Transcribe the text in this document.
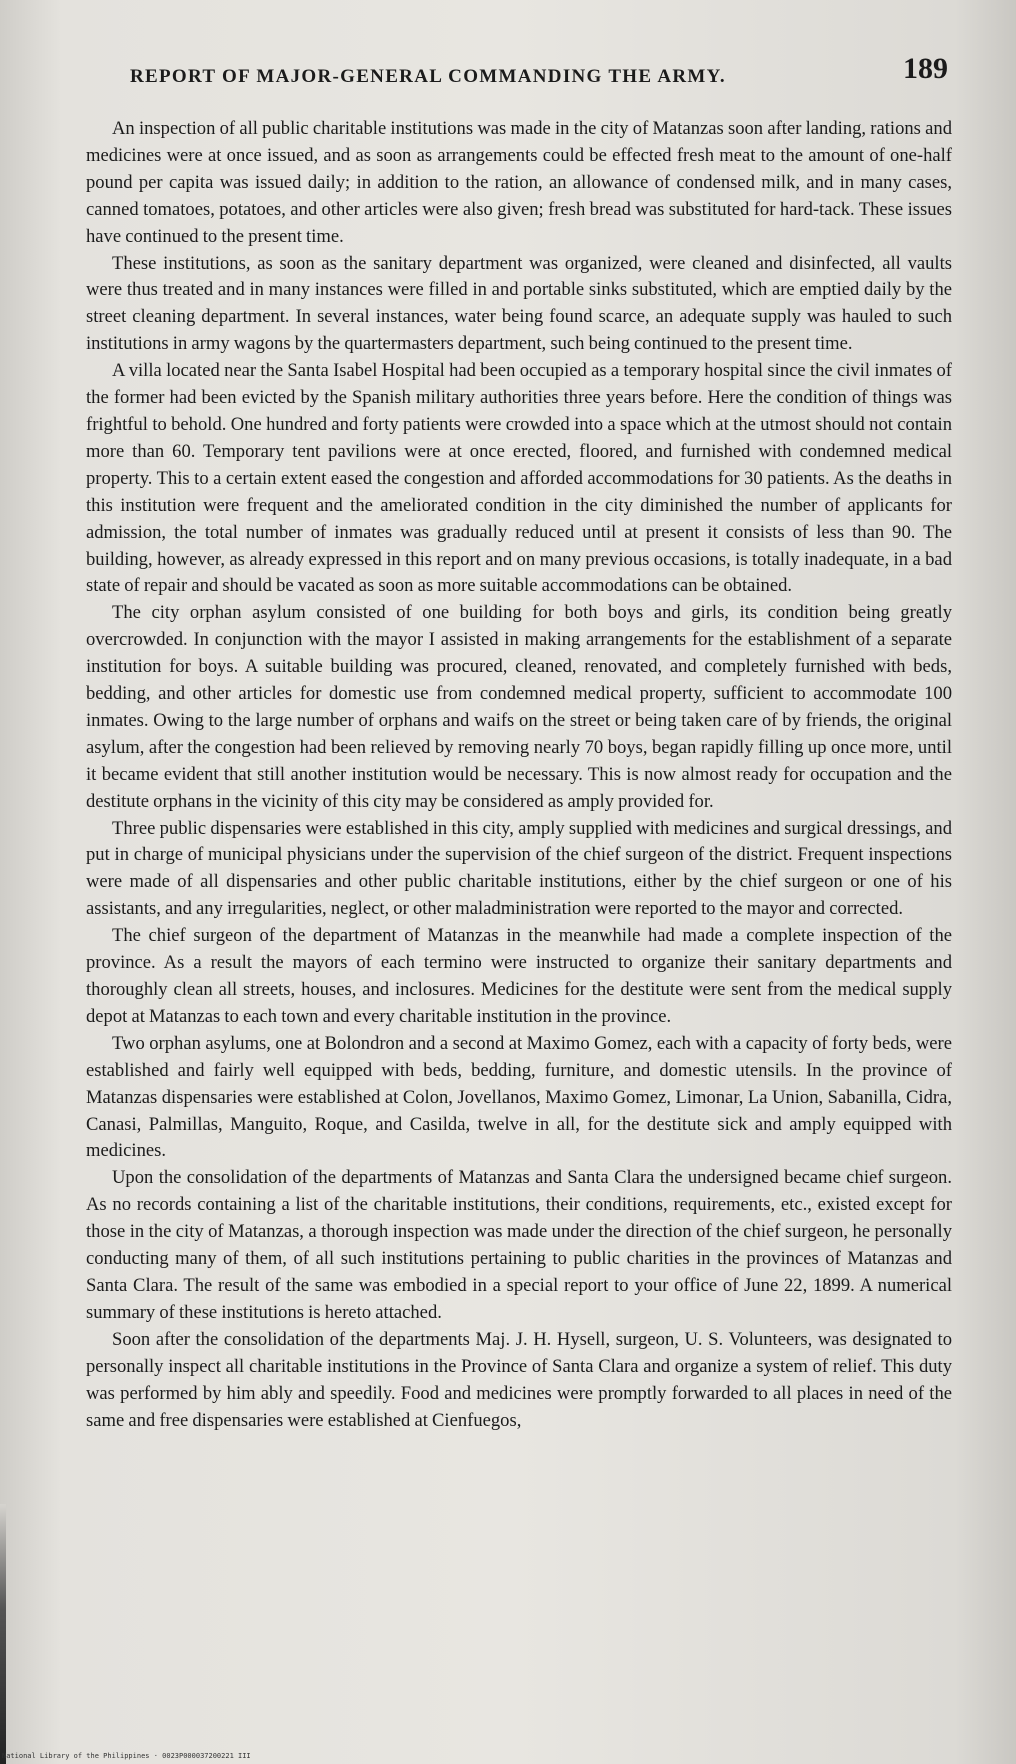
REPORT OF MAJOR-GENERAL COMMANDING THE ARMY.	189

An inspection of all public charitable institutions was made in the city of Matanzas soon after landing, rations and medicines were at once issued, and as soon as arrangements could be effected fresh meat to the amount of one-half pound per capita was issued daily; in addition to the ration, an allowance of condensed milk, and in many cases, canned tomatoes, potatoes, and other articles were also given; fresh bread was substituted for hard-tack. These issues have continued to the present time.

These institutions, as soon as the sanitary department was organized, were cleaned and disinfected, all vaults were thus treated and in many instances were filled in and portable sinks substituted, which are emptied daily by the street cleaning department. In several instances, water being found scarce, an adequate supply was hauled to such institutions in army wagons by the quartermasters department, such being continued to the present time.

A villa located near the Santa Isabel Hospital had been occupied as a temporary hospital since the civil inmates of the former had been evicted by the Spanish military authorities three years before. Here the condition of things was frightful to behold. One hundred and forty patients were crowded into a space which at the utmost should not contain more than 60. Temporary tent pavilions were at once erected, floored, and furnished with condemned medical property. This to a certain extent eased the congestion and afforded accommodations for 30 patients. As the deaths in this institution were frequent and the ameliorated condition in the city diminished the number of applicants for admission, the total number of inmates was gradually reduced until at present it consists of less than 90. The building, however, as already expressed in this report and on many previous occasions, is totally inadequate, in a bad state of repair and should be vacated as soon as more suitable accommodations can be obtained.

The city orphan asylum consisted of one building for both boys and girls, its condition being greatly overcrowded. In conjunction with the mayor I assisted in making arrangements for the establishment of a separate institution for boys. A suitable building was procured, cleaned, renovated, and completely furnished with beds, bedding, and other articles for domestic use from condemned medical property, sufficient to accommodate 100 inmates. Owing to the large number of orphans and waifs on the street or being taken care of by friends, the original asylum, after the congestion had been relieved by removing nearly 70 boys, began rapidly filling up once more, until it became evident that still another institution would be necessary. This is now almost ready for occupation and the destitute orphans in the vicinity of this city may be considered as amply provided for.

Three public dispensaries were established in this city, amply supplied with medicines and surgical dressings, and put in charge of municipal physicians under the supervision of the chief surgeon of the district. Frequent inspections were made of all dispensaries and other public charitable institutions, either by the chief surgeon or one of his assistants, and any irregularities, neglect, or other maladministration were reported to the mayor and corrected.

The chief surgeon of the department of Matanzas in the meanwhile had made a complete inspection of the province. As a result the mayors of each termino were instructed to organize their sanitary departments and thoroughly clean all streets, houses, and inclosures. Medicines for the destitute were sent from the medical supply depot at Matanzas to each town and every charitable institution in the province.

Two orphan asylums, one at Bolondron and a second at Maximo Gomez, each with a capacity of forty beds, were established and fairly well equipped with beds, bedding, furniture, and domestic utensils. In the province of Matanzas dispensaries were established at Colon, Jovellanos, Maximo Gomez, Limonar, La Union, Sabanilla, Cidra, Canasi, Palmillas, Manguito, Roque, and Casilda, twelve in all, for the destitute sick and amply equipped with medicines.

Upon the consolidation of the departments of Matanzas and Santa Clara the undersigned became chief surgeon. As no records containing a list of the charitable institutions, their conditions, requirements, etc., existed except for those in the city of Matanzas, a thorough inspection was made under the direction of the chief surgeon, he personally conducting many of them, of all such institutions pertaining to public charities in the provinces of Matanzas and Santa Clara. The result of the same was embodied in a special report to your office of June 22, 1899. A numerical summary of these institutions is hereto attached.

Soon after the consolidation of the departments Maj. J. H. Hysell, surgeon, U. S. Volunteers, was designated to personally inspect all charitable institutions in the Province of Santa Clara and organize a system of relief. This duty was performed by him ably and speedily. Food and medicines were promptly forwarded to all places in need of the same and free dispensaries were established at Cienfuegos,

National Library of the Philippines · 0023P000037200221 III
